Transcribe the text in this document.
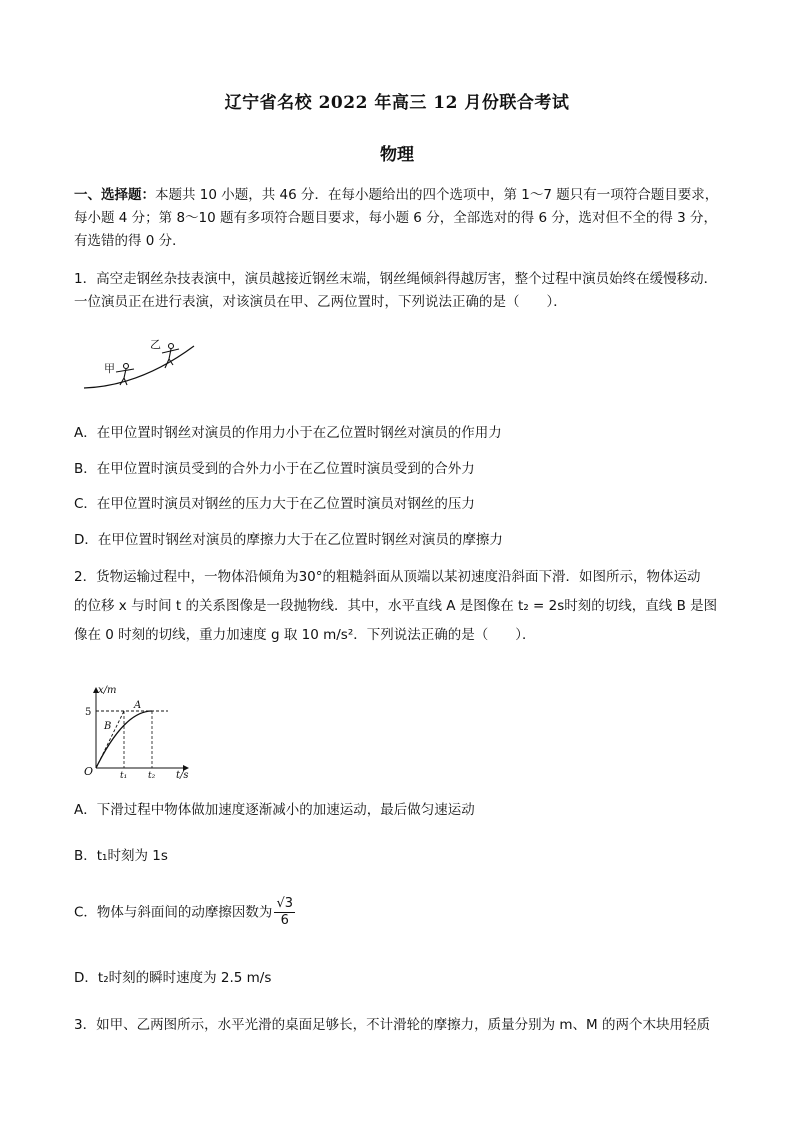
辽宁省名校 2022 年高三 12 月份联合考试
物理
一、选择题：本题共 10 小题，共 46 分．在每小题给出的四个选项中，第 1～7 题只有一项符合题目要求，每小题 4 分；第 8～10 题有多项符合题目要求，每小题 6 分，全部选对的得 6 分，选对但不全的得 3 分，有选错的得 0 分．
1．高空走钢丝杂技表演中，演员越接近钢丝末端，钢丝绳倾斜得越厉害，整个过程中演员始终在缓慢移动．一位演员正在进行表演，对该演员在甲、乙两位置时，下列说法正确的是（　　）．
甲
乙
A．在甲位置时钢丝对演员的作用力小于在乙位置时钢丝对演员的作用力
B．在甲位置时演员受到的合外力小于在乙位置时演员受到的合外力
C．在甲位置时演员对钢丝的压力大于在乙位置时演员对钢丝的压力
D．在甲位置时钢丝对演员的摩擦力大于在乙位置时钢丝对演员的摩擦力
2．货物运输过程中，一物体沿倾角为30°的粗糙斜面从顶端以某初速度沿斜面下滑．如图所示，物体运动
的位移 x 与时间 t 的关系图像是一段抛物线．其中，水平直线 A 是图像在 t₂ = 2s时刻的切线，直线 B 是图
像在 0 时刻的切线，重力加速度 g 取 10 m/s²．下列说法正确的是（　　）．
x/m
t/s
O
5
t₁ t₂
A
B
A．下滑过程中物体做加速度逐渐减小的加速运动，最后做匀速运动
B．t₁时刻为 1s
C．物体与斜面间的动摩擦因数为 $\frac{√3}{6}$
D．t₂时刻的瞬时速度为 2.5 m/s
3．如甲、乙两图所示，水平光滑的桌面足够长，不计滑轮的摩擦力，质量分别为 m、M 的两个木块用轻质
